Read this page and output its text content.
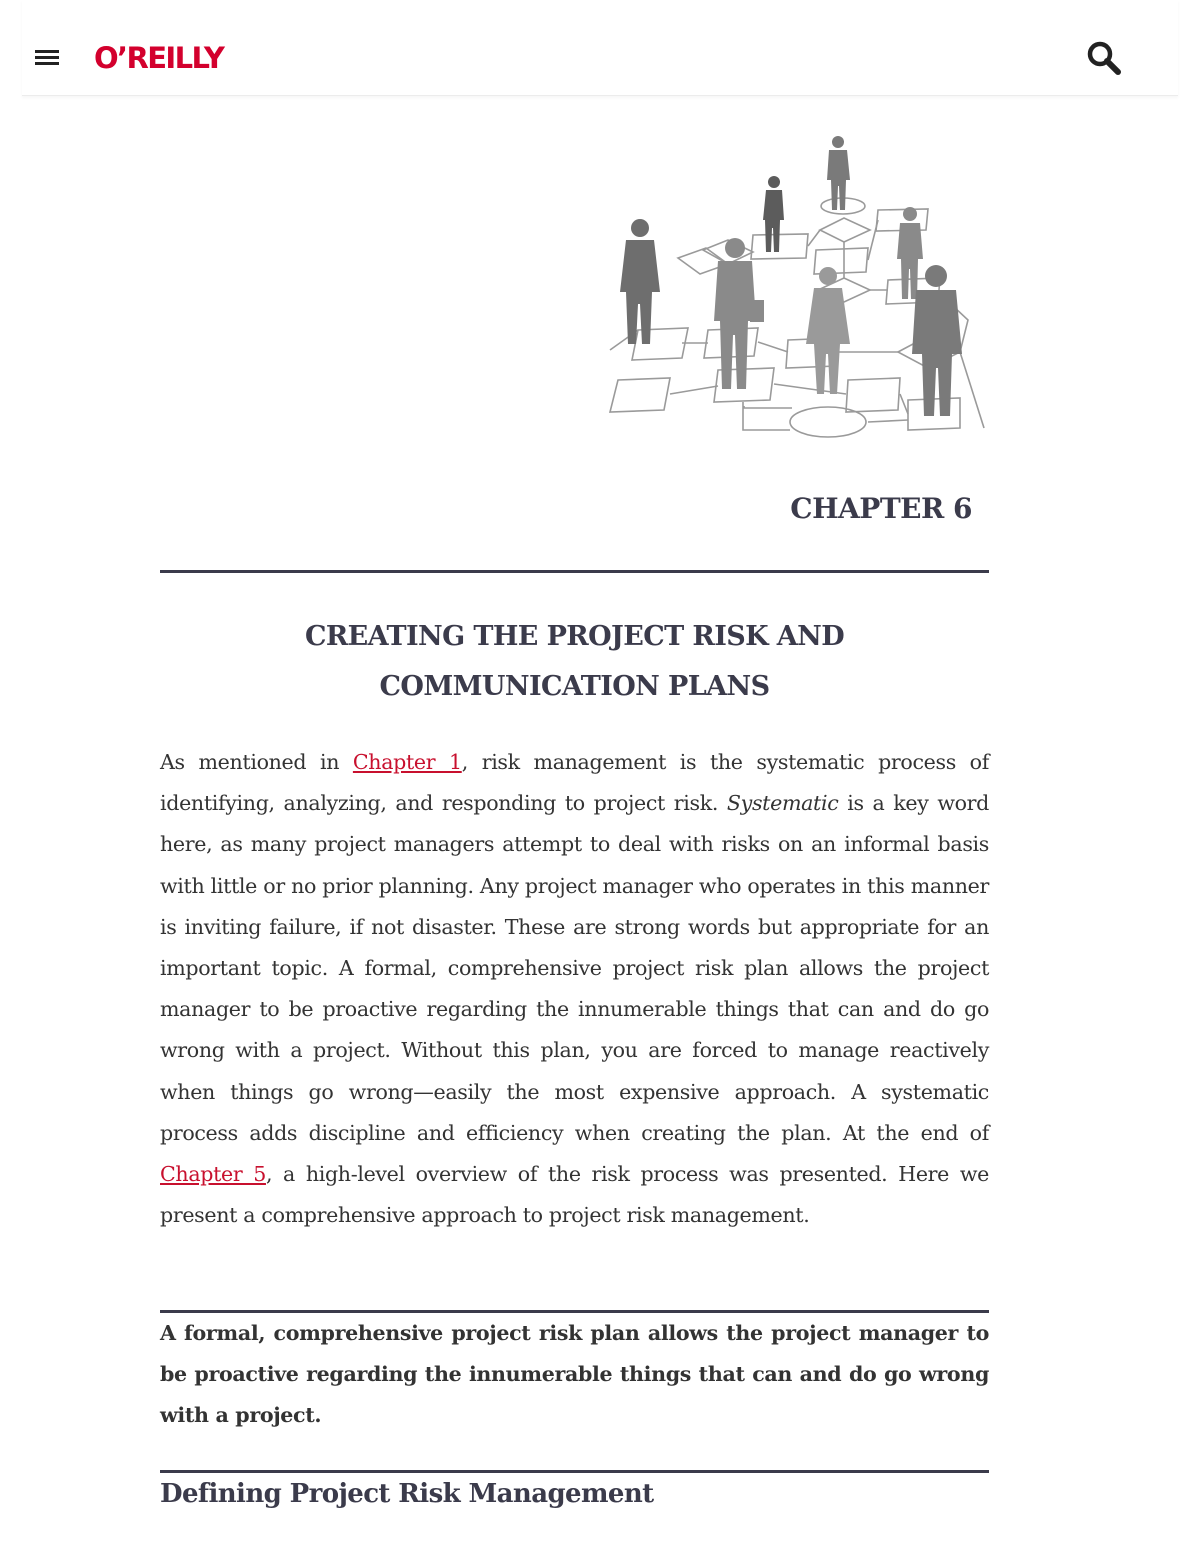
O’REILLY
CHAPTER 6
CREATING THE PROJECT RISK AND
COMMUNICATION PLANS

As mentioned in Chapter 1, risk management is the systematic process of identifying, analyzing, and responding to project risk. Systematic is a key word here, as many project managers attempt to deal with risks on an informal basis with little or no prior planning. Any project manager who operates in this manner is inviting failure, if not disaster. These are strong words but appropriate for an important topic. A formal, comprehensive project risk plan allows the project manager to be proactive regarding the innumerable things that can and do go wrong with a project. Without this plan, you are forced to manage reactively when things go wrong—easily the most expensive approach. A systematic process adds discipline and efficiency when creating the plan. At the end of Chapter 5, a high-level overview of the risk process was presented. Here we present a comprehensive approach to project risk management.

A formal, comprehensive project risk plan allows the project manager to be proactive regarding the innumerable things that can and do go wrong with a project.

Defining Project Risk Management
